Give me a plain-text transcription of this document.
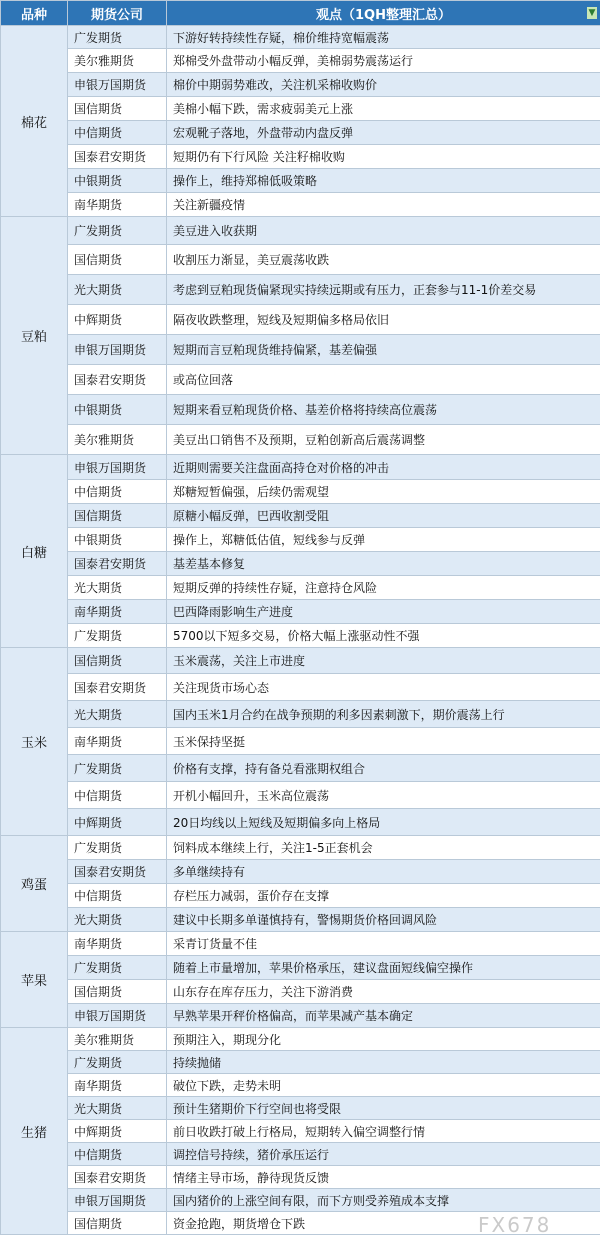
品种	期货公司	观点（1QH整理汇总） ▼

棉花	广发期货	下游好转持续性存疑，棉价维持宽幅震荡
	美尔雅期货	郑棉受外盘带动小幅反弹，美棉弱势震荡运行
	申银万国期货	棉价中期弱势难改，关注机采棉收购价
	国信期货	美棉小幅下跌，需求疲弱美元上涨
	中信期货	宏观靴子落地，外盘带动内盘反弹
	国泰君安期货	短期仍有下行风险 关注籽棉收购
	中银期货	操作上，维持郑棉低吸策略
	南华期货	关注新疆疫情
豆粕	广发期货	美豆进入收获期
	国信期货	收割压力渐显，美豆震荡收跌
	光大期货	考虑到豆粕现货偏紧现实持续远期或有压力，正套参与11-1价差交易
	中辉期货	隔夜收跌整理，短线及短期偏多格局依旧
	申银万国期货	短期而言豆粕现货维持偏紧，基差偏强
	国泰君安期货	或高位回落
	中银期货	短期来看豆粕现货价格、基差价格将持续高位震荡
	美尔雅期货	美豆出口销售不及预期，豆粕创新高后震荡调整
白糖	申银万国期货	近期则需要关注盘面高持仓对价格的冲击
	中信期货	郑糖短暂偏强，后续仍需观望
	国信期货	原糖小幅反弹，巴西收割受阻
	中银期货	操作上，郑糖低估值，短线参与反弹
	国泰君安期货	基差基本修复
	光大期货	短期反弹的持续性存疑，注意持仓风险
	南华期货	巴西降雨影响生产进度
	广发期货	5700以下短多交易，价格大幅上涨驱动性不强
玉米	国信期货	玉米震荡，关注上市进度
	国泰君安期货	关注现货市场心态
	光大期货	国内玉米1月合约在战争预期的利多因素刺激下，期价震荡上行
	南华期货	玉米保持坚挺
	广发期货	价格有支撑，持有备兑看涨期权组合
	中信期货	开机小幅回升，玉米高位震荡
	中辉期货	20日均线以上短线及短期偏多向上格局
鸡蛋	广发期货	饲料成本继续上行，关注1-5正套机会
	国泰君安期货	多单继续持有
	中信期货	存栏压力减弱，蛋价存在支撑
	光大期货	建议中长期多单谨慎持有，警惕期货价格回调风险
苹果	南华期货	采青订货量不佳
	广发期货	随着上市量增加，苹果价格承压，建议盘面短线偏空操作
	国信期货	山东存在库存压力，关注下游消费
	申银万国期货	早熟苹果开秤价格偏高，而苹果减产基本确定
生猪	美尔雅期货	预期注入，期现分化
	广发期货	持续抛储
	南华期货	破位下跌，走势未明
	光大期货	预计生猪期价下行空间也将受限
	中辉期货	前日收跌打破上行格局，短期转入偏空调整行情
	中信期货	调控信号持续，猪价承压运行
	国泰君安期货	情绪主导市场，静待现货反馈
	申银万国期货	国内猪价的上涨空间有限，而下方则受养殖成本支撑
	国信期货	资金抢跑，期货增仓下跌	FX678
